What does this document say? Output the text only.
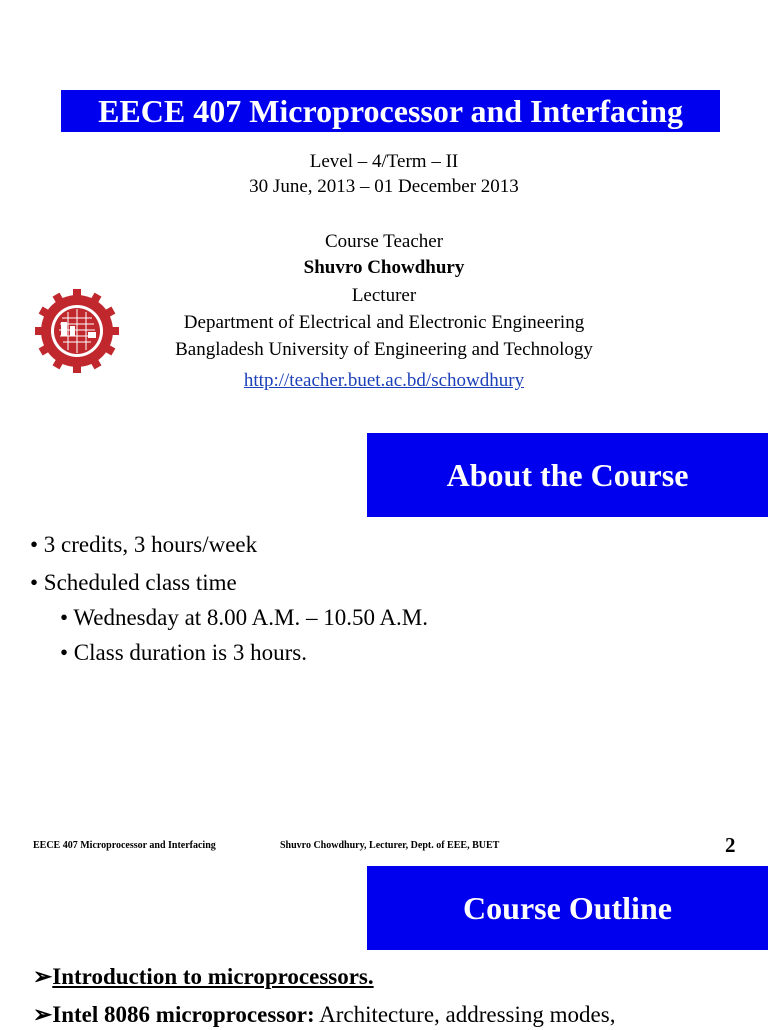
EECE 407 Microprocessor and Interfacing
Level – 4/Term – II
30 June, 2013 – 01 December 2013
Course Teacher
Shuvro Chowdhury
Lecturer
Department of Electrical and Electronic Engineering
Bangladesh University of Engineering and Technology
http://teacher.buet.ac.bd/schowdhury
About the Course
• 3 credits, 3 hours/week
• Scheduled class time
• Wednesday at 8.00 A.M. – 10.50 A.M.
• Class duration is 3 hours.
EECE 407 Microprocessor and Interfacing	Shuvro Chowdhury, Lecturer, Dept. of EEE, BUET	2
Course Outline
➢Introduction to microprocessors.
➢Intel 8086 microprocessor: Architecture, addressing modes,
